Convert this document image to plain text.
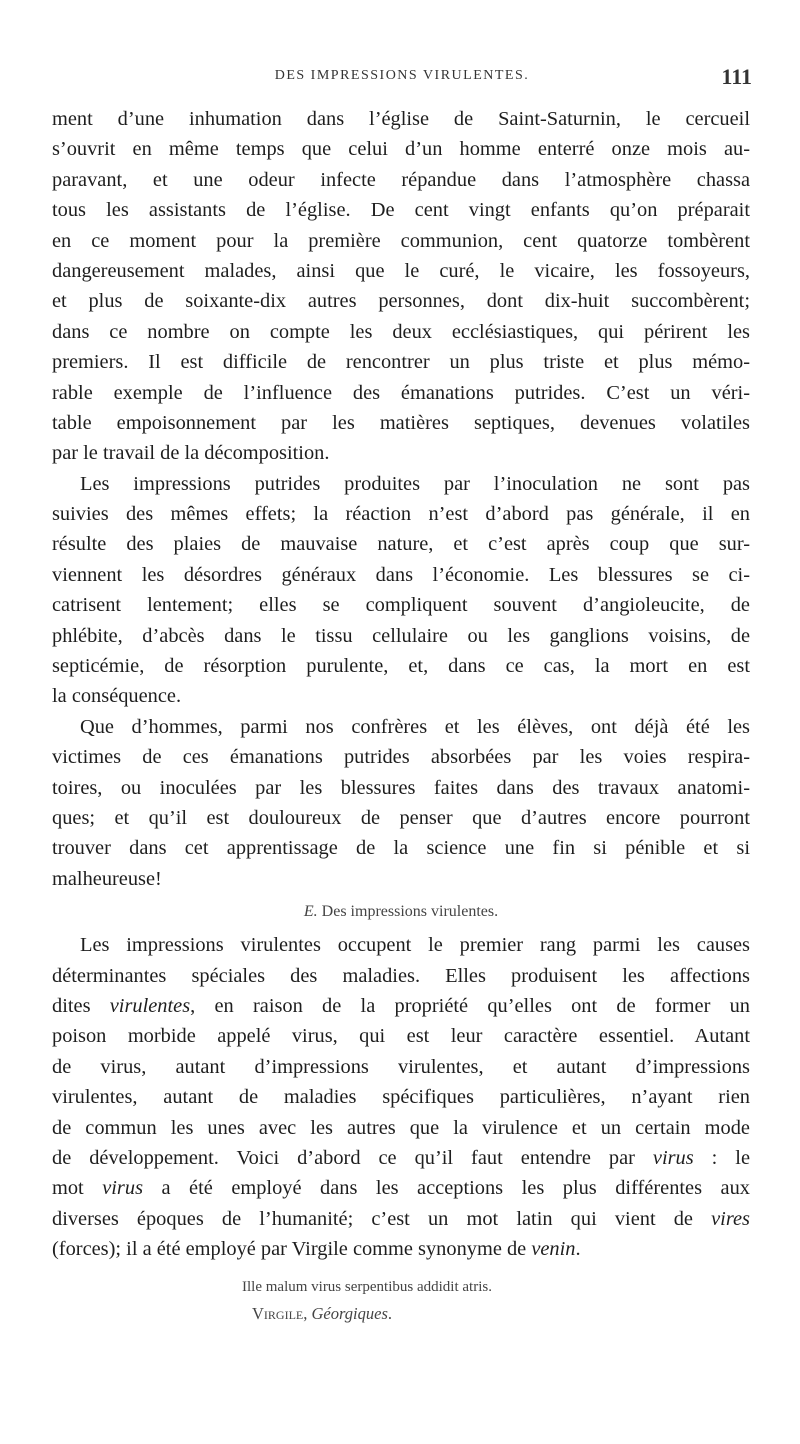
DES IMPRESSIONS VIRULENTES.	111
ment d’une inhumation dans l’église de Saint-Saturnin, le cercueil
s’ouvrit en même temps que celui d’un homme enterré onze mois au-
paravant, et une odeur infecte répandue dans l’atmosphère chassa
tous les assistants de l’église. De cent vingt enfants qu’on préparait
en ce moment pour la première communion, cent quatorze tombèrent
dangereusement malades, ainsi que le curé, le vicaire, les fossoyeurs,
et plus de soixante-dix autres personnes, dont dix-huit succombèrent;
dans ce nombre on compte les deux ecclésiastiques, qui périrent les
premiers. Il est difficile de rencontrer un plus triste et plus mémo-
rable exemple de l’influence des émanations putrides. C’est un véri-
table empoisonnement par les matières septiques, devenues volatiles
par le travail de la décomposition.
Les impressions putrides produites par l’inoculation ne sont pas
suivies des mêmes effets; la réaction n’est d’abord pas générale, il en
résulte des plaies de mauvaise nature, et c’est après coup que sur-
viennent les désordres généraux dans l’économie. Les blessures se ci-
catrisent lentement; elles se compliquent souvent d’angioleucite, de
phlébite, d’abcès dans le tissu cellulaire ou les ganglions voisins, de
septicémie, de résorption purulente, et, dans ce cas, la mort en est
la conséquence.
Que d’hommes, parmi nos confrères et les élèves, ont déjà été les
victimes de ces émanations putrides absorbées par les voies respira-
toires, ou inoculées par les blessures faites dans des travaux anatomi-
ques; et qu’il est douloureux de penser que d’autres encore pourront
trouver dans cet apprentissage de la science une fin si pénible et si
malheureuse!
E. Des impressions virulentes.
Les impressions virulentes occupent le premier rang parmi les causes
déterminantes spéciales des maladies. Elles produisent les affections
dites virulentes, en raison de la propriété qu’elles ont de former un
poison morbide appelé virus, qui est leur caractère essentiel. Autant
de virus, autant d’impressions virulentes, et autant d’impressions
virulentes, autant de maladies spécifiques particulières, n’ayant rien
de commun les unes avec les autres que la virulence et un certain mode
de développement. Voici d’abord ce qu’il faut entendre par virus : le
mot virus a été employé dans les acceptions les plus différentes aux
diverses époques de l’humanité; c’est un mot latin qui vient de vires
(forces); il a été employé par Virgile comme synonyme de venin.
Ille malum virus serpentibus addidit atris.
Virgile, Géorgiques.
